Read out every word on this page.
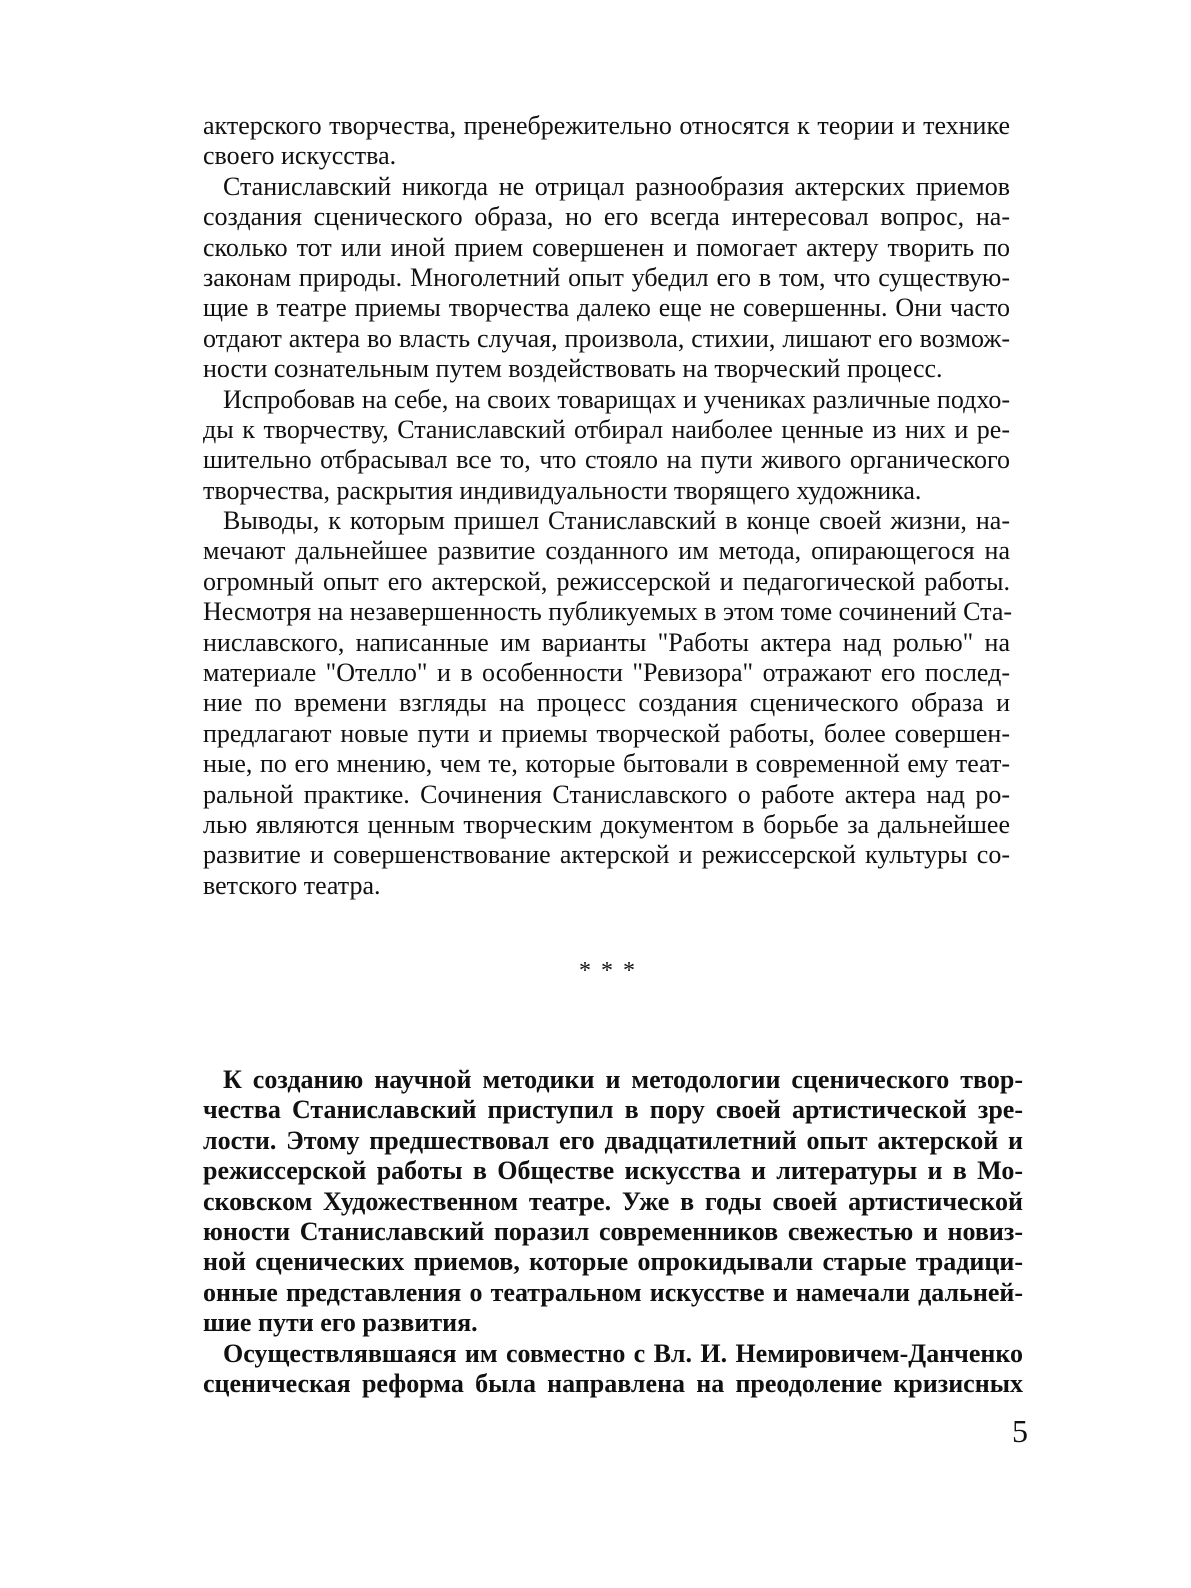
актерского творчества, пренебрежительно относятся к теории и технике
своего искусства.
Станиславский никогда не отрицал разнообразия актерских приемов
создания сценического образа, но его всегда интересовал вопрос, на-
сколько тот или иной прием совершенен и помогает актеру творить по
законам природы. Многолетний опыт убедил его в том, что существую-
щие в театре приемы творчества далеко еще не совершенны. Они часто
отдают актера во власть случая, произвола, стихии, лишают его возмож-
ности сознательным путем воздействовать на творческий процесс.
Испробовав на себе, на своих товарищах и учениках различные подхо-
ды к творчеству, Станиславский отбирал наиболее ценные из них и ре-
шительно отбрасывал все то, что стояло на пути живого органического
творчества, раскрытия индивидуальности творящего художника.
Выводы, к которым пришел Станиславский в конце своей жизни, на-
мечают дальнейшее развитие созданного им метода, опирающегося на
огромный опыт его актерской, режиссерской и педагогической работы.
Несмотря на незавершенность публикуемых в этом томе сочинений Ста-
ниславского, написанные им варианты "Работы актера над ролью" на
материале "Отелло" и в особенности "Ревизора" отражают его послед-
ние по времени взгляды на процесс создания сценического образа и
предлагают новые пути и приемы творческой работы, более совершен-
ные, по его мнению, чем те, которые бытовали в современной ему теат-
ральной практике. Сочинения Станиславского о работе актера над ро-
лью являются ценным творческим документом в борьбе за дальнейшее
развитие и совершенствование актерской и режиссерской культуры со-
ветского театра.
* * *
К созданию научной методики и методологии сценического твор-
чества Станиславский приступил в пору своей артистической зре-
лости. Этому предшествовал его двадцатилетний опыт актерской и
режиссерской работы в Обществе искусства и литературы и в Мо-
сковском Художественном театре. Уже в годы своей артистической
юности Станиславский поразил современников свежестью и новиз-
ной сценических приемов, которые опрокидывали старые традици-
онные представления о театральном искусстве и намечали дальней-
шие пути его развития.
Осуществлявшаяся им совместно с Вл. И. Немировичем-Данченко
сценическая реформа была направлена на преодоление кризисных
5
